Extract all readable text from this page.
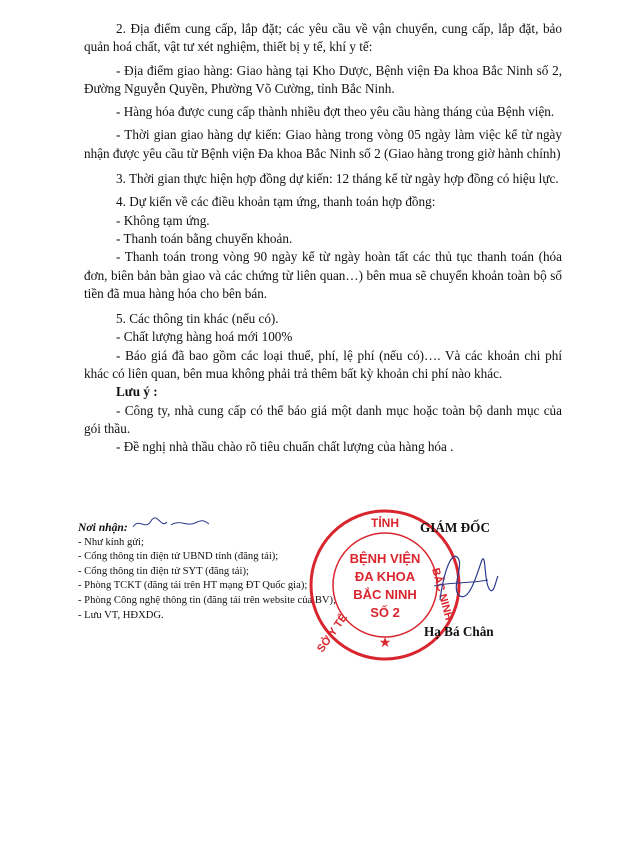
2. Địa điểm cung cấp, lắp đặt; các yêu cầu về vận chuyển, cung cấp, lắp đặt, bảo quản hoá chất, vật tư xét nghiệm, thiết bị y tế, khí y tế:

- Địa điểm giao hàng: Giao hàng tại Kho Dược, Bệnh viện Đa khoa Bắc Ninh số 2, Đường Nguyễn Quyền, Phường Võ Cường, tỉnh Bắc Ninh.

- Hàng hóa được cung cấp thành nhiều đợt theo yêu cầu hàng tháng của Bệnh viện.

- Thời gian giao hàng dự kiến: Giao hàng trong vòng 05 ngày làm việc kể từ ngày nhận được yêu cầu từ Bệnh viện Đa khoa Bắc Ninh số 2 (Giao hàng trong giờ hành chính)

3. Thời gian thực hiện hợp đồng dự kiến: 12 tháng kể từ ngày hợp đồng có hiệu lực.

4. Dự kiến về các điều khoản tạm ứng, thanh toán hợp đồng:

- Không tạm ứng.

- Thanh toán bằng chuyển khoản.

- Thanh toán trong vòng 90 ngày kể từ ngày hoàn tất các thủ tục thanh toán (hóa đơn, biên bản bàn giao và các chứng từ liên quan…) bên mua sẽ chuyển khoản toàn bộ số tiền đã mua hàng hóa cho bên bán.

5. Các thông tin khác (nếu có).

- Chất lượng hàng hoá mới 100%

- Báo giá đã bao gồm các loại thuế, phí, lệ phí (nếu có)…. Và các khoản chi phí khác có liên quan, bên mua không phải trả thêm bất kỳ khoản chi phí nào khác.

Lưu ý :

- Công ty, nhà cung cấp có thể báo giá một danh mục hoặc toàn bộ danh mục của gói thầu.

- Đề nghị nhà thầu chào rõ tiêu chuẩn chất lượng của hàng hóa .

Nơi nhận:
- Như kính gửi;
- Cổng thông tin điện tử UBND tỉnh (đăng tải);
- Cổng thông tin điện tử SYT (đăng tải);
- Phòng TCKT (đăng tải trên HT mạng ĐT Quốc gia);
- Phòng Công nghệ thông tin (đăng tải trên website của BV);
- Lưu VT, HĐXDG.
TỈNH
SỞ Y TẾ
BẮC NINH
BỆNH VIỆN
ĐA KHOA
BẮC NINH
SỐ 2
★
GIÁM ĐỐC
Hạ Bá Chân
